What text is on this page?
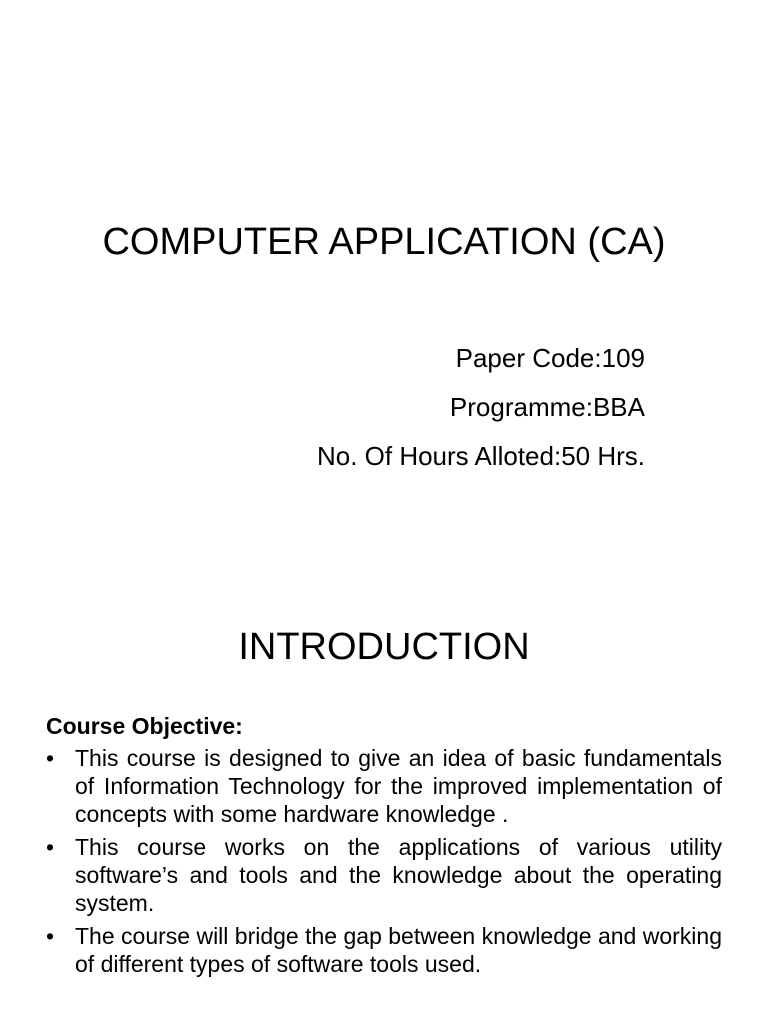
COMPUTER APPLICATION (CA)
Paper Code:109
Programme:BBA
No. Of Hours Alloted:50 Hrs.
INTRODUCTION
Course Objective:
• This course is designed to give an idea of basic fundamentals of Information Technology for the improved implementation of concepts with some hardware knowledge .
• This course works on the applications of various utility software’s and tools and the knowledge about the operating system.
• The course will bridge the gap between knowledge and working of different types of software tools used.
